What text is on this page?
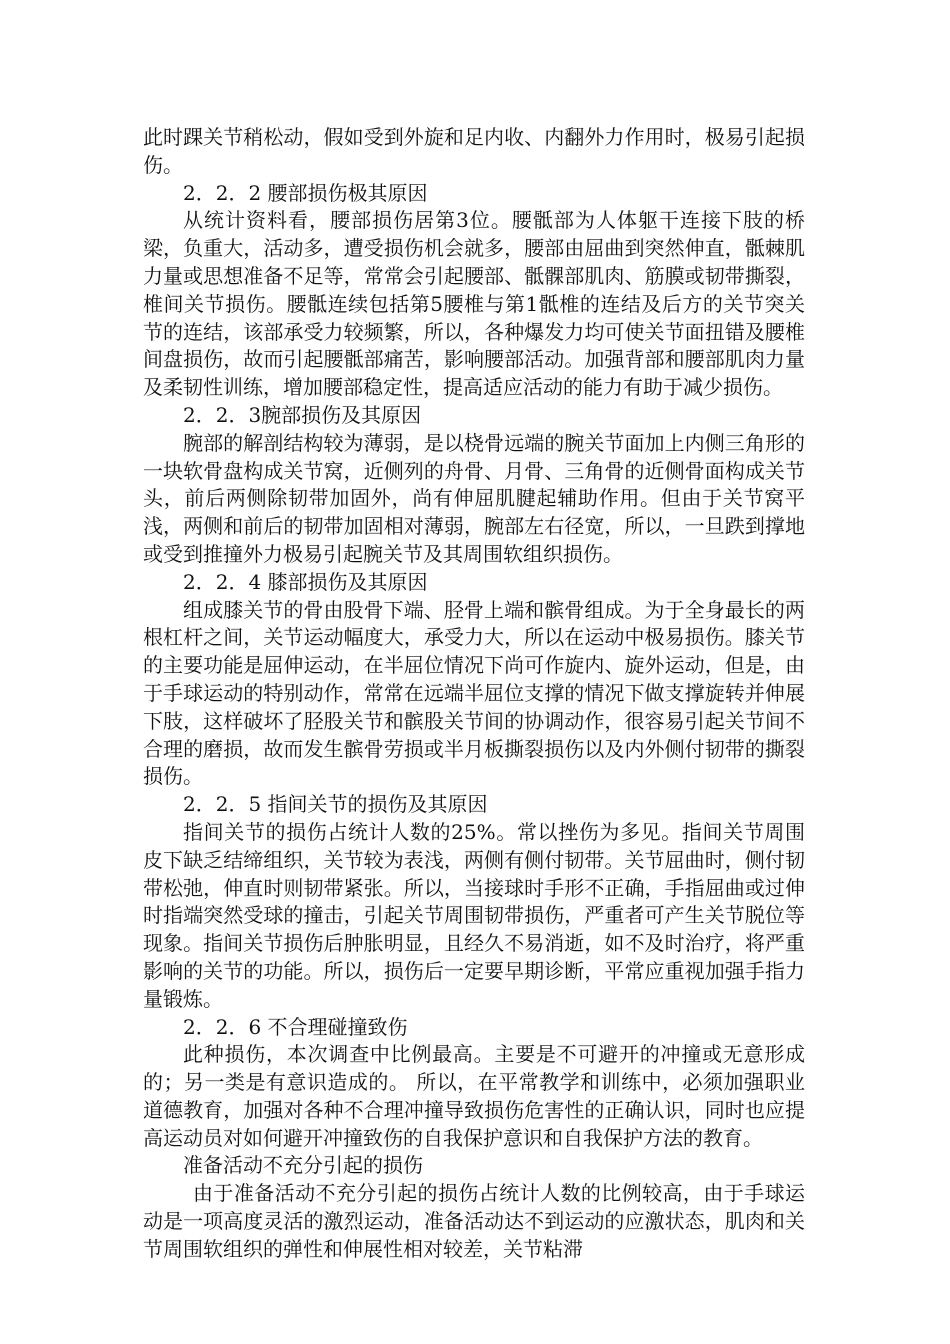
此时踝关节稍松动，假如受到外旋和足内收、内翻外力作用时，极易引起损伤。

2．2．2 腰部损伤极其原因

从统计资料看，腰部损伤居第3位。腰骶部为人体躯干连接下肢的桥梁，负重大，活动多，遭受损伤机会就多，腰部由屈曲到突然伸直，骶棘肌力量或思想准备不足等，常常会引起腰部、骶髁部肌肉、筋膜或韧带撕裂，椎间关节损伤。腰骶连续包括第5腰椎与第1骶椎的连结及后方的关节突关节的连结，该部承受力较频繁，所以，各种爆发力均可使关节面扭错及腰椎间盘损伤，故而引起腰骶部痛苦，影响腰部活动。加强背部和腰部肌肉力量及柔韧性训练，增加腰部稳定性，提高适应活动的能力有助于减少损伤。

2．2．3腕部损伤及其原因

腕部的解剖结构较为薄弱，是以桡骨远端的腕关节面加上内侧三角形的一块软骨盘构成关节窝，近侧列的舟骨、月骨、三角骨的近侧骨面构成关节头，前后两侧除韧带加固外，尚有伸屈肌腱起辅助作用。但由于关节窝平浅，两侧和前后的韧带加固相对薄弱，腕部左右径宽，所以，一旦跌到撑地或受到推撞外力极易引起腕关节及其周围软组织损伤。

2．2．4 膝部损伤及其原因

组成膝关节的骨由股骨下端、胫骨上端和髌骨组成。为于全身最长的两根杠杆之间，关节运动幅度大，承受力大，所以在运动中极易损伤。膝关节的主要功能是屈伸运动，在半屈位情况下尚可作旋内、旋外运动，但是，由于手球运动的特别动作，常常在远端半屈位支撑的情况下做支撑旋转并伸展下肢，这样破坏了胫股关节和髌股关节间的协调动作，很容易引起关节间不合理的磨损，故而发生髌骨劳损或半月板撕裂损伤以及内外侧付韧带的撕裂损伤。

2．2．5 指间关节的损伤及其原因

指间关节的损伤占统计人数的25%。常以挫伤为多见。指间关节周围皮下缺乏结缔组织，关节较为表浅，两侧有侧付韧带。关节屈曲时，侧付韧带松弛，伸直时则韧带紧张。所以，当接球时手形不正确，手指屈曲或过伸时指端突然受球的撞击，引起关节周围韧带损伤，严重者可产生关节脱位等现象。指间关节损伤后肿胀明显，且经久不易消逝，如不及时治疗，将严重影响的关节的功能。所以，损伤后一定要早期诊断，平常应重视加强手指力量锻炼。

2．2．6 不合理碰撞致伤

此种损伤，本次调查中比例最高。主要是不可避开的冲撞或无意形成的；另一类是有意识造成的。 所以，在平常教学和训练中，必须加强职业道德教育，加强对各种不合理冲撞导致损伤危害性的正确认识，同时也应提高运动员对如何避开冲撞致伤的自我保护意识和自我保护方法的教育。

准备活动不充分引起的损伤

由于准备活动不充分引起的损伤占统计人数的比例较高，由于手球运动是一项高度灵活的激烈运动，准备活动达不到运动的应激状态，肌肉和关节周围软组织的弹性和伸展性相对较差，关节粘滞
